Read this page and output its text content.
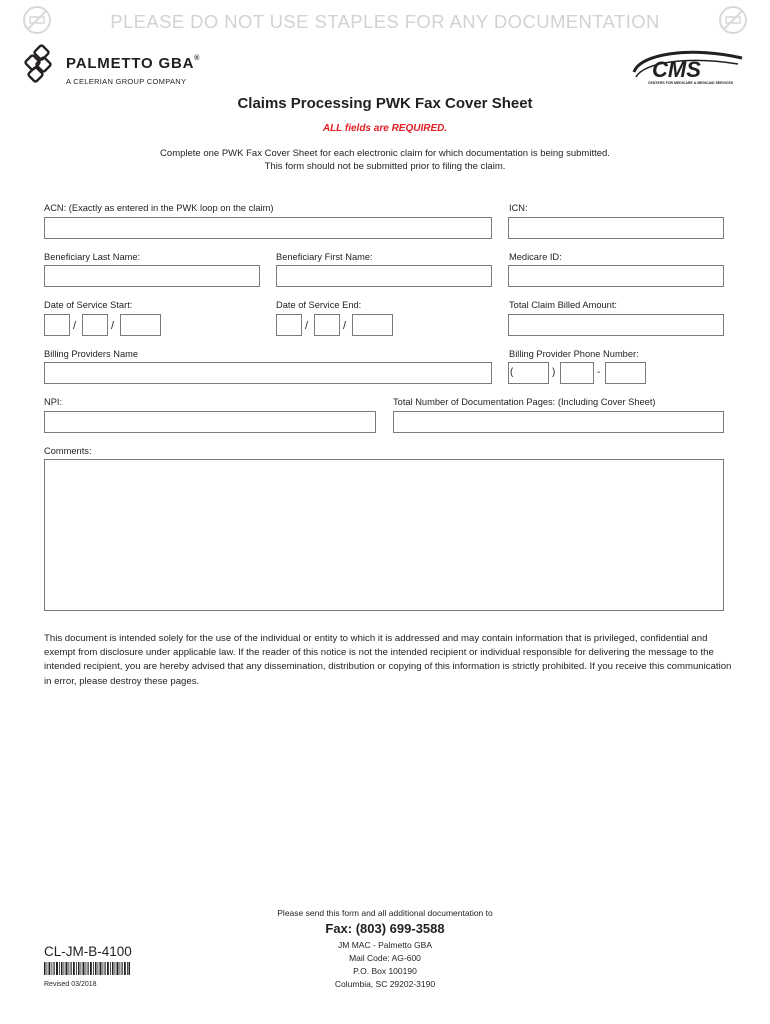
PLEASE DO NOT USE STAPLES FOR ANY DOCUMENTATION
PALMETTO GBA®
A CELERIAN GROUP COMPANY	CMS
CENTERS FOR MEDICARE & MEDICAID SERVICES
Claims Processing PWK Fax Cover Sheet
ALL fields are REQUIRED.
Complete one PWK Fax Cover Sheet for each electronic claim for which documentation is being submitted.
This form should not be submitted prior to filing the claim.
ACN: (Exactly as entered in the PWK loop on the claim)	ICN:
Beneficiary Last Name:	Beneficiary First Name:	Medicare ID:
Date of Service Start:
/	/
Date of Service End:
/	/
Total Claim Billed Amount:
Billing Providers Name	Billing Provider Phone Number:
(	)	-
NPI:	Total Number of Documentation Pages: (Including Cover Sheet)
Comments:
This document is intended solely for the use of the individual or entity to which it is addressed and may contain information that is privileged, confidential and exempt from disclosure under applicable law. If the reader of this notice is not the intended recipient or individual responsible for delivering the message to the intended recipient, you are hereby advised that any dissemination, distribution or copying of this information is strictly prohibited. If you receive this communication in error, please destroy these pages.
Please send this form and all additional documentation to
Fax: (803) 699-3588
JM MAC - Palmetto GBA
Mail Code: AG-600
P.O. Box 100190
Columbia, SC 29202-3190
CL-JM-B-4100
Revised 03/2018
